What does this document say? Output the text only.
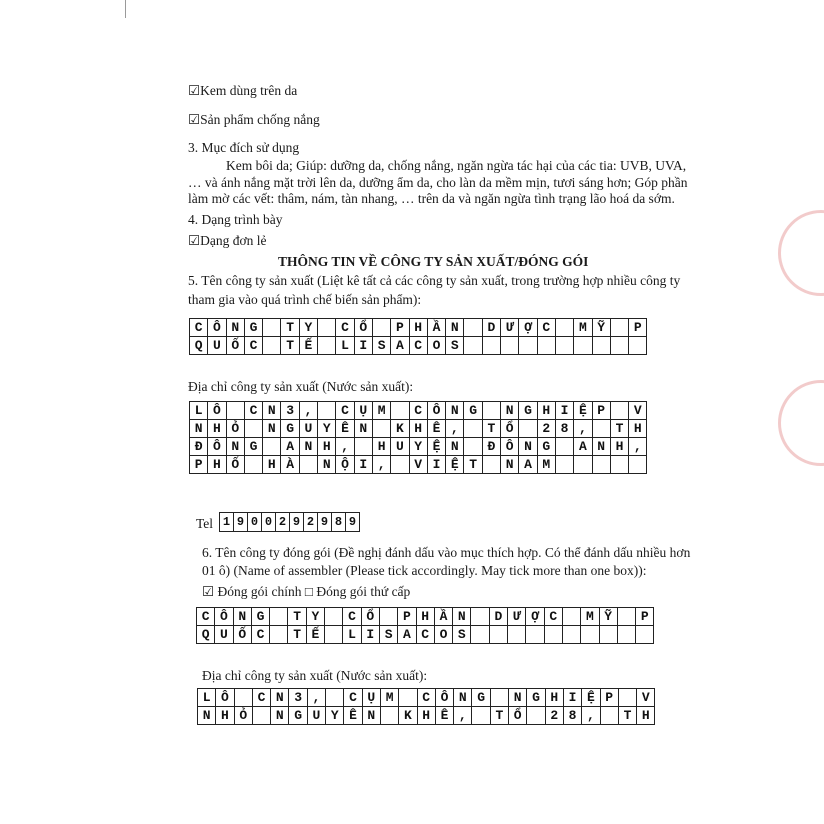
☑Kem dùng trên da
☑Sản phẩm chống nắng
3. Mục đích sử dụng
Kem bôi da; Giúp: dưỡng da, chống nắng, ngăn ngừa tác hại của các tia: UVB, UVA,
… và ánh nắng mặt trời lên da, dưỡng ẩm da, cho làn da mềm mịn, tươi sáng hơn; Góp phần
làm mờ các vết: thâm, nám, tàn nhang, … trên da và ngăn ngừa tình trạng lão hoá da sớm.
4. Dạng trình bày
☑Dạng đơn lẻ
THÔNG TIN VỀ CÔNG TY SẢN XUẤT/ĐÓNG GÓI
5. Tên công ty sản xuất (Liệt kê tất cả các công ty sản xuất, trong trường hợp nhiều công ty
tham gia vào quá trình chế biến sản phẩm):
C	Ô	N	G		T	Y		C	Ổ		P	H	Ầ	N		D	Ư	Ợ	C		M	Ỹ		P
Q	U	Ố	C		T	Ế		L	I	S	A	C	O	S										
Địa chỉ công ty sản xuất (Nước sản xuất):
L	Ô		C	N	3	,		C	Ụ	M		C	Ô	N	G		N	G	H	I	Ệ	P		V
N	H	Ỏ		N	G	U	Y	Ê	N		K	H	Ê	,		T	Ổ		2	8	,		T	H
Đ	Ô	N	G		A	N	H	,		H	U	Y	Ệ	N		Đ	Ô	N	G		A	N	H	,
P	H	Ố		H	À		N	Ộ	I	,		V	I	Ệ	T		N	A	M					
Tel 1	9	0	0	2	9	2	9	8	9
6. Tên công ty đóng gói (Đề nghị đánh dấu vào mục thích hợp. Có thể đánh dấu nhiều hơn
01 ô) (Name of assembler (Please tick accordingly. May tick more than one box)):
☑ Đóng gói chính □ Đóng gói thứ cấp
C	Ô	N	G		T	Y		C	Ổ		P	H	Ầ	N		D	Ư	Ợ	C		M	Ỹ		P
Q	U	Ố	C		T	Ế		L	I	S	A	C	O	S										
Địa chỉ công ty sản xuất (Nước sản xuất):
L	Ô		C	N	3	,		C	Ụ	M		C	Ô	N	G		N	G	H	I	Ệ	P		V
N	H	Ỏ		N	G	U	Y	Ê	N		K	H	Ê	,		T	Ổ		2	8	,		T	H
